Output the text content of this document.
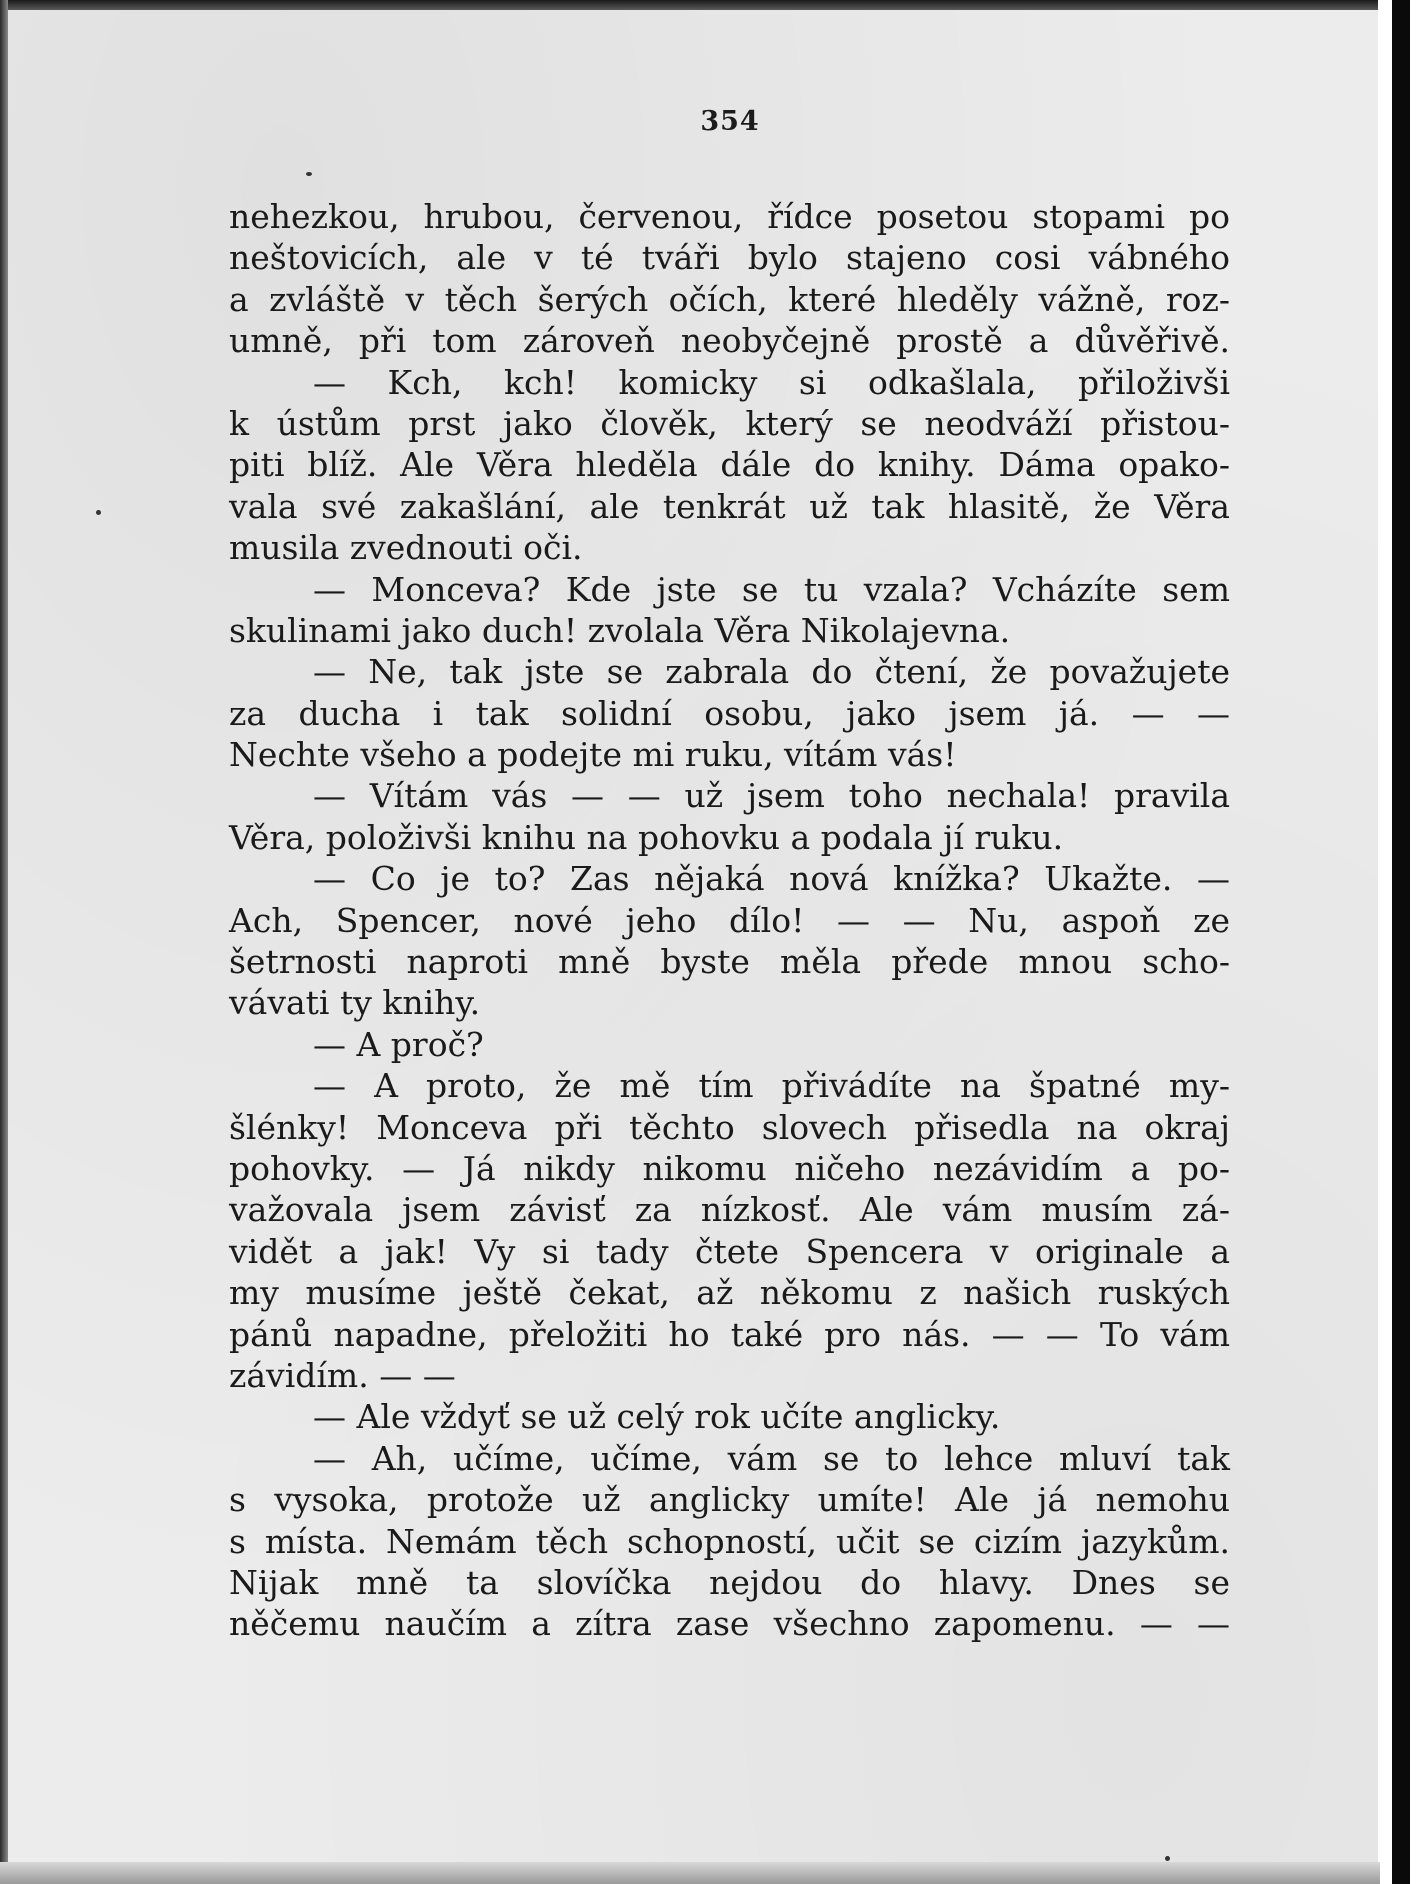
354
nehezkou, hrubou, červenou, řídce posetou stopami po
neštovicích, ale v té tváři bylo stajeno cosi vábného
a zvláště v těch šerých očích, které hleděly vážně, roz-
umně, při tom zároveň neobyčejně prostě a důvěřivě.
— Kch, kch! komicky si odkašlala, přiloživši
k ústům prst jako člověk, který se neodváží přistou-
piti blíž. Ale Věra hleděla dále do knihy. Dáma opako-
vala své zakašlání, ale tenkrát už tak hlasitě, že Věra
musila zvednouti oči.
— Monceva? Kde jste se tu vzala? Vcházíte sem
skulinami jako duch! zvolala Věra Nikolajevna.
— Ne, tak jste se zabrala do čtení, že považujete
za ducha i tak solidní osobu, jako jsem já. — —
Nechte všeho a podejte mi ruku, vítám vás!
— Vítám vás — — už jsem toho nechala! pravila
Věra, položivši knihu na pohovku a podala jí ruku.
— Co je to? Zas nějaká nová knížka? Ukažte. —
Ach, Spencer, nové jeho dílo! — — Nu, aspoň ze
šetrnosti naproti mně byste měla přede mnou scho-
vávati ty knihy.
— A proč?
— A proto, že mě tím přivádíte na špatné my-
šlénky! Monceva při těchto slovech přisedla na okraj
pohovky. — Já nikdy nikomu ničeho nezávidím a po-
važovala jsem závisť za nízkosť. Ale vám musím zá-
vidět a jak! Vy si tady čtete Spencera v originale a
my musíme ještě čekat, až někomu z našich ruských
pánů napadne, přeložiti ho také pro nás. — — To vám
závidím. — —
— Ale vždyť se už celý rok učíte anglicky.
— Ah, učíme, učíme, vám se to lehce mluví tak
s vysoka, protože už anglicky umíte! Ale já nemohu
s místa. Nemám těch schopností, učit se cizím jazykům.
Nijak mně ta slovíčka nejdou do hlavy. Dnes se
něčemu naučím a zítra zase všechno zapomenu. — —
